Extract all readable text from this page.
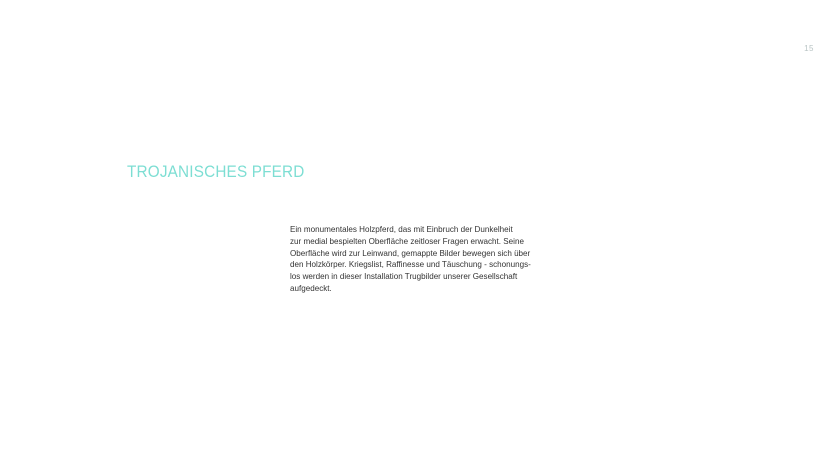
15
TROJANISCHES PFERD

Ein monumentales Holzpferd, das mit Einbruch der Dunkelheit
zur medial bespielten Oberfläche zeitloser Fragen erwacht. Seine
Oberfläche wird zur Leinwand, gemappte Bilder bewegen sich über
den Holzkörper. Kriegslist, Raffinesse und Täuschung - schonungs-
los werden in dieser Installation Trugbilder unserer Gesellschaft
aufgedeckt.
